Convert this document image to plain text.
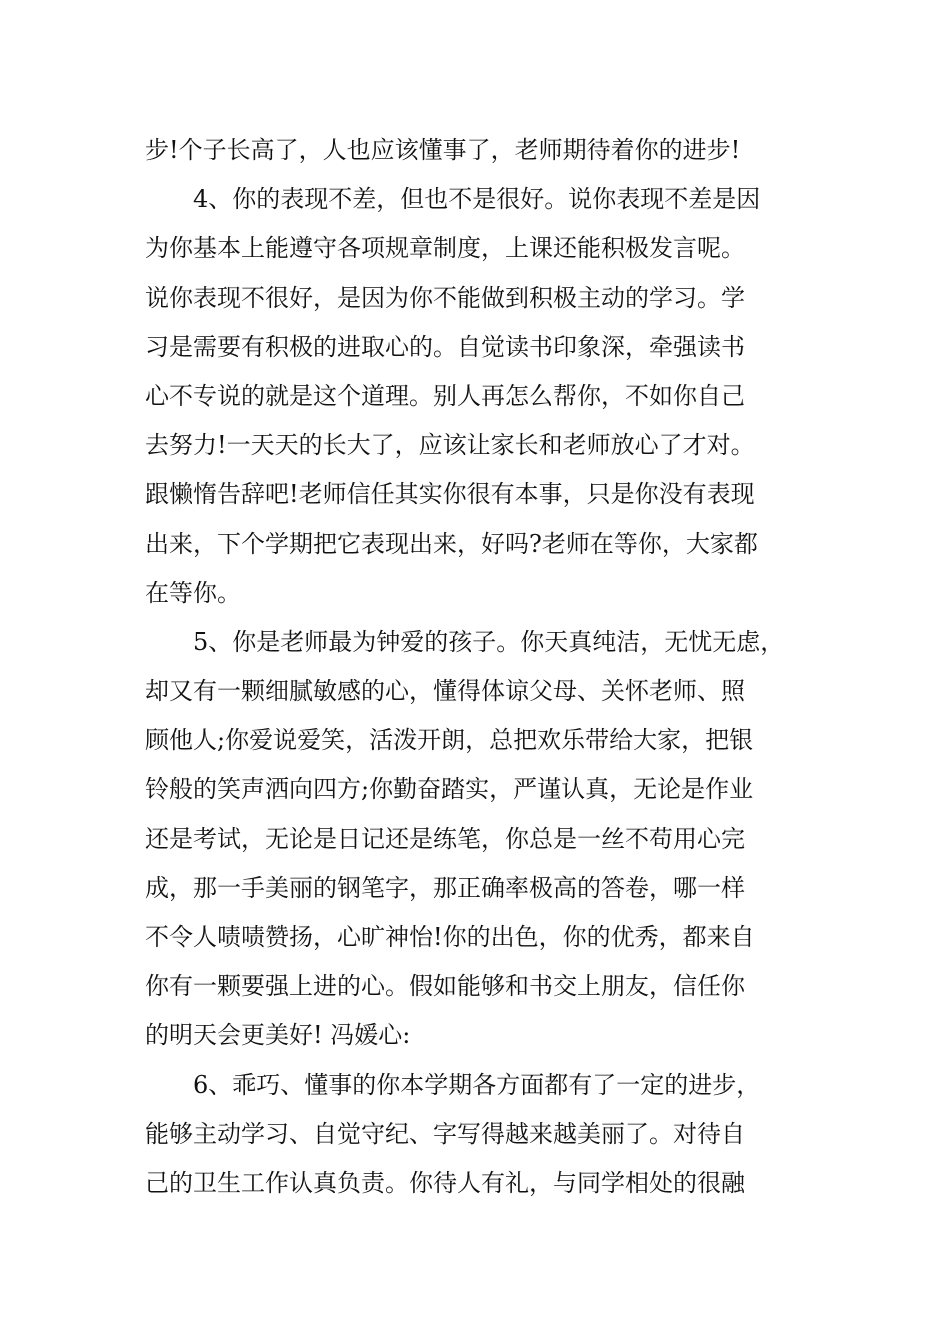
步!个子长高了，人也应该懂事了，老师期待着你的进步!
4、你的表现不差，但也不是很好。说你表现不差是因
为你基本上能遵守各项规章制度，上课还能积极发言呢。
说你表现不很好，是因为你不能做到积极主动的学习。学
习是需要有积极的进取心的。自觉读书印象深，牵强读书
心不专说的就是这个道理。别人再怎么帮你，不如你自己
去努力!一天天的长大了，应该让家长和老师放心了才对。
跟懒惰告辞吧!老师信任其实你很有本事，只是你没有表现
出来，下个学期把它表现出来，好吗?老师在等你，大家都
在等你。
5、你是老师最为钟爱的孩子。你天真纯洁，无忧无虑，
却又有一颗细腻敏感的心，懂得体谅父母、关怀老师、照
顾他人;你爱说爱笑，活泼开朗，总把欢乐带给大家，把银
铃般的笑声洒向四方;你勤奋踏实，严谨认真，无论是作业
还是考试，无论是日记还是练笔，你总是一丝不苟用心完
成，那一手美丽的钢笔字，那正确率极高的答卷，哪一样
不令人啧啧赞扬，心旷神怡!你的出色，你的优秀，都来自
你有一颗要强上进的心。假如能够和书交上朋友，信任你
的明天会更美好! 冯媛心:
6、乖巧、懂事的你本学期各方面都有了一定的进步，
能够主动学习、自觉守纪、字写得越来越美丽了。对待自
己的卫生工作认真负责。你待人有礼，与同学相处的很融
